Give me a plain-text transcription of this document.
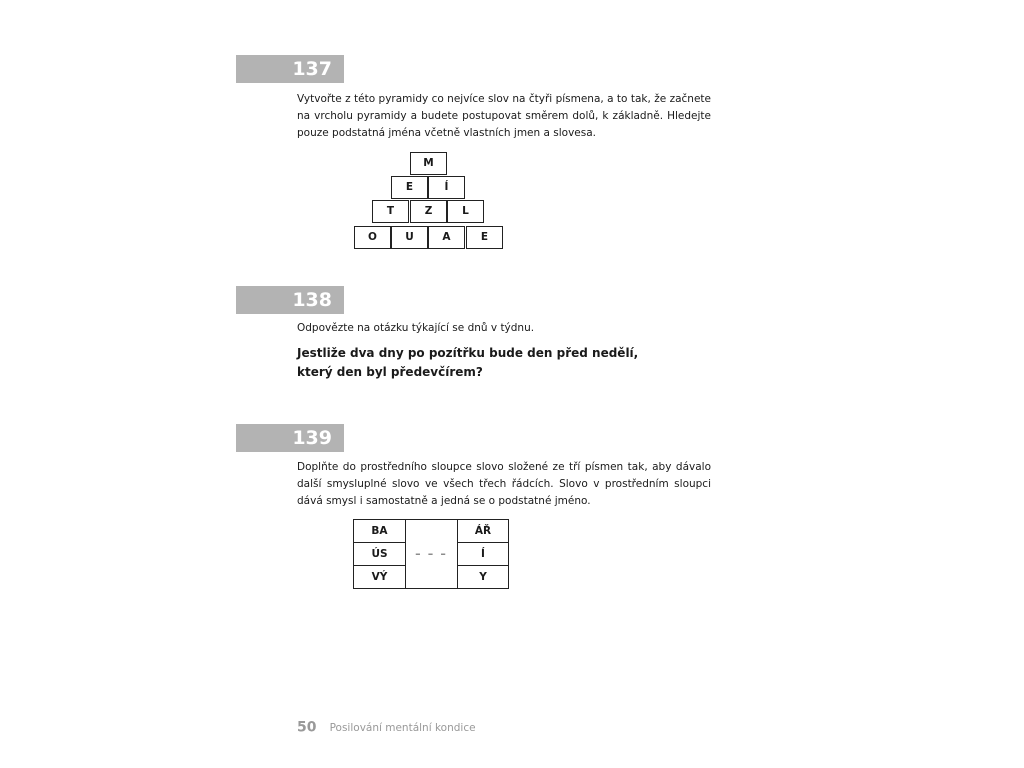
137

Vytvořte z této pyramidy co nejvíce slov na čtyři písmena, a to tak, že začnete na vrcholu pyramidy a budete postupovat směrem dolů, k základně. Hledejte pouze podstatná jména včetně vlastních jmen a slovesa.

M
E	Í
T	Z	L
O	U	A	E
138

Odpovězte na otázku týkající se dnů v týdnu.

Jestliže dva dny po pozítřku bude den před nedělí,
který den byl předevčírem?
139

Doplňte do prostředního sloupce slovo složené ze tří písmen tak, aby dávalo další smysluplné slovo ve všech třech řádcích. Slovo v prostředním sloupci dává smysl i samostatně a jedná se o podstatné jméno.

BA	– – –	ÁŘ
ÚS		Í
VÝ		Y
50 Posilování mentální kondice
